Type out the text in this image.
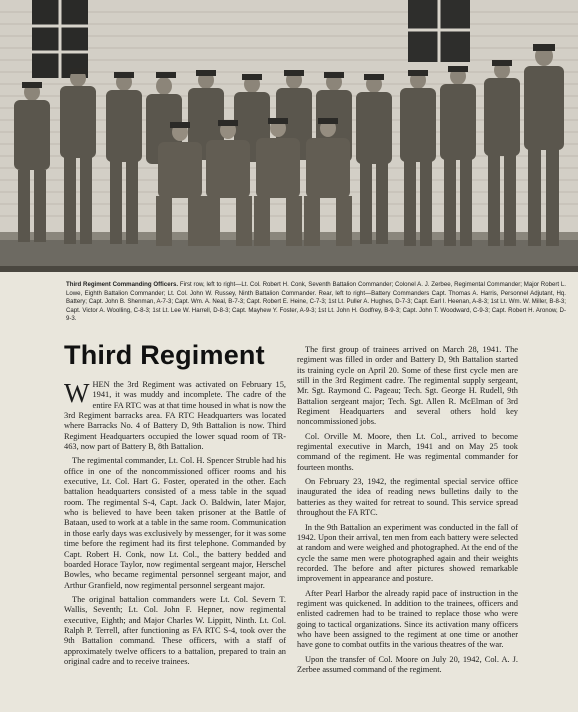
Third Regiment Commanding Officers. First row, left to right—Lt. Col. Robert H. Conk, Seventh Battalion Commander; Colonel A. J. Zerbee, Regimental Commander; Major Robert L. Lowe, Eighth Battalion Commander; Lt. Col. John W. Russey, Ninth Battalion Commander. Rear, left to right—Battery Commanders Capt. Thomas A. Harris, Personnel Adjutant, Hq. Battery; Capt. John B. Shenman, A-7-3; Capt. Wm. A. Neal, B-7-3; Capt. Robert E. Heine, C-7-3; 1st Lt. Puller A. Hughes, D-7-3; Capt. Earl I. Heenan, A-8-3; 1st Lt. Wm. W. Miller, B-8-3; Capt. Victor A. Woolling, C-8-3; 1st Lt. Lee W. Harrell, D-8-3; Capt. Mayhew Y. Foster, A-9-3; 1st Lt. John H. Godfrey, B-9-3; Capt. John T. Woodward, C-9-3; Capt. Robert H. Aronow, D-9-3.
Third Regiment

WHEN the 3rd Regiment was activated on February 15, 1941, it was muddy and incomplete. The cadre of the entire FA RTC was at that time housed in what is now the 3rd Regiment barracks area. FA RTC Headquarters was located where Barracks No. 4 of Battery D, 9th Battalion is now. Third Regiment Headquarters occupied the lower squad room of TR-463, now part of Battery B, 8th Battalion.

The regimental commander, Lt. Col. H. Spencer Struble had his office in one of the noncommissioned officer rooms and his executive, Lt. Col. Hart G. Foster, operated in the other. Each battalion headquarters consisted of a mess table in the squad room. The regimental S-4, Capt. Jack O. Baldwin, later Major, who is believed to have been taken prisoner at the Battle of Bataan, used to work at a table in the same room. Communication in those early days was exclusively by messenger, for it was some time before the regiment had its first telephone. Commanded by Capt. Robert H. Conk, now Lt. Col., the battery bedded and boarded Horace Taylor, now regimental sergeant major, Herschel Bowles, who became regimental personnel sergeant major, and Arthur Granfield, now regimental personnel sergeant major.

The original battalion commanders were Lt. Col. Severn T. Wallis, Seventh; Lt. Col. John F. Hepner, now regimental executive, Eighth; and Major Charles W. Lippitt, Ninth. Lt. Col. Ralph P. Terrell, after functioning as FA RTC S-4, took over the 9th Battalion command. These officers, with a staff of approximately twelve officers to a battalion, prepared to train an original cadre and to receive trainees.

The first group of trainees arrived on March 28, 1941. The regiment was filled in order and Battery D, 9th Battalion started its training cycle on April 20. Some of these first cycle men are still in the 3rd Regiment cadre. The regimental supply sergeant, Mr. Sgt. Raymond C. Pageau; Tech. Sgt. George H. Rudell, 9th Battalion sergeant major; Tech. Sgt. Allen R. McElman of 3rd Regiment Headquarters and several others hold key noncommissioned jobs.

Col. Orville M. Moore, then Lt. Col., arrived to become regimental executive in March, 1941 and on May 25 took command of the regiment. He was regimental commander for fourteen months.

On February 23, 1942, the regimental special service office inaugurated the idea of reading news bulletins daily to the batteries as they waited for retreat to sound. This service spread throughout the FA RTC.

In the 9th Battalion an experiment was conducted in the fall of 1942. Upon their arrival, ten men from each battery were selected at random and were weighed and photographed. At the end of the cycle the same men were photographed again and their weights recorded. The before and after pictures showed remarkable improvement in appearance and posture.

After Pearl Harbor the already rapid pace of instruction in the regiment was quickened. In addition to the trainees, officers and enlisted cadremen had to be trained to replace those who were going to tactical organizations. Since its activation many officers who have been assigned to the regiment at one time or another have gone to combat outfits in the various theatres of the war.

Upon the transfer of Col. Moore on July 20, 1942, Col. A. J. Zerbee assumed command of the regiment.
